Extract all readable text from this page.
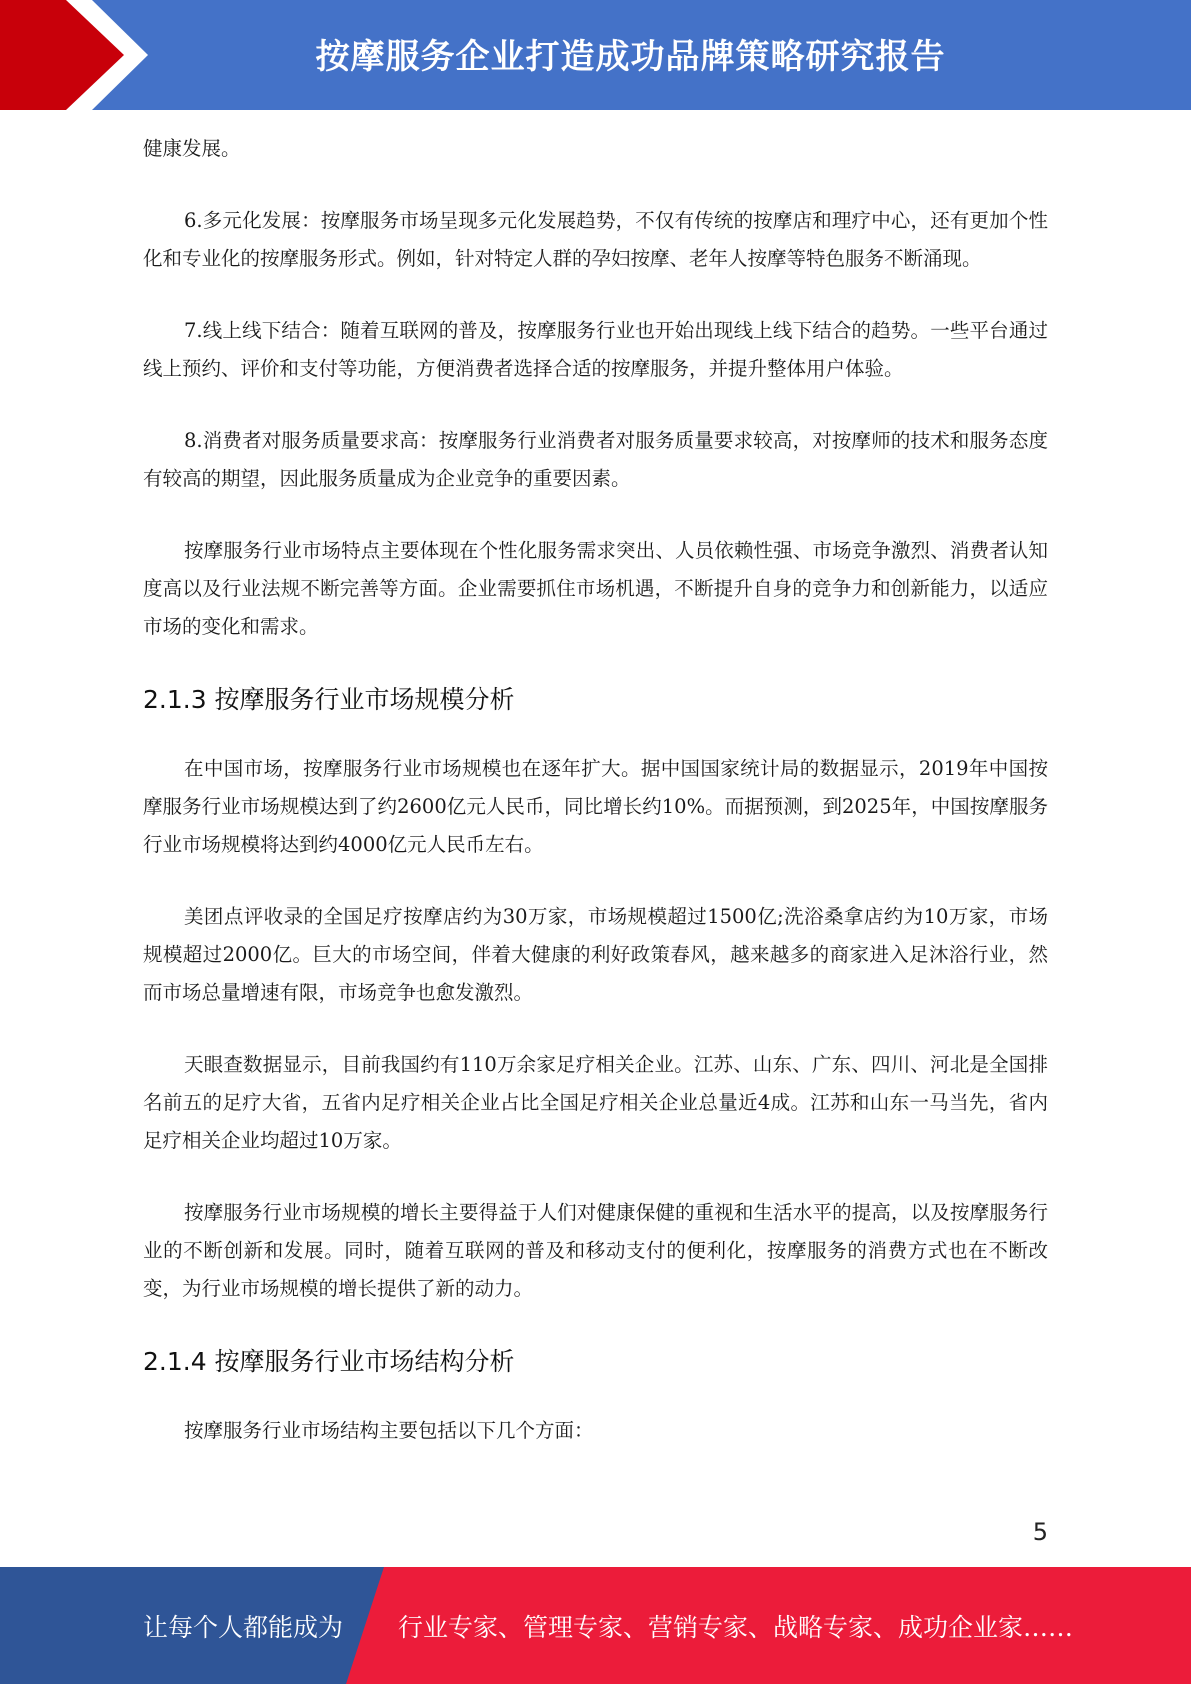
按摩服务企业打造成功品牌策略研究报告

健康发展。

6.多元化发展：按摩服务市场呈现多元化发展趋势，不仅有传统的按摩店和理疗中心，还有更加个性化和专业化的按摩服务形式。例如，针对特定人群的孕妇按摩、老年人按摩等特色服务不断涌现。

7.线上线下结合：随着互联网的普及，按摩服务行业也开始出现线上线下结合的趋势。一些平台通过线上预约、评价和支付等功能，方便消费者选择合适的按摩服务，并提升整体用户体验。

8.消费者对服务质量要求高：按摩服务行业消费者对服务质量要求较高，对按摩师的技术和服务态度有较高的期望，因此服务质量成为企业竞争的重要因素。

按摩服务行业市场特点主要体现在个性化服务需求突出、人员依赖性强、市场竞争激烈、消费者认知度高以及行业法规不断完善等方面。企业需要抓住市场机遇，不断提升自身的竞争力和创新能力，以适应市场的变化和需求。

2.1.3 按摩服务行业市场规模分析

在中国市场，按摩服务行业市场规模也在逐年扩大。据中国国家统计局的数据显示，2019年中国按摩服务行业市场规模达到了约2600亿元人民币，同比增长约10%。而据预测，到2025年，中国按摩服务行业市场规模将达到约4000亿元人民币左右。

美团点评收录的全国足疗按摩店约为30万家，市场规模超过1500亿;洗浴桑拿店约为10万家，市场规模超过2000亿。巨大的市场空间，伴着大健康的利好政策春风，越来越多的商家进入足沐浴行业，然而市场总量增速有限，市场竞争也愈发激烈。

天眼查数据显示，目前我国约有110万余家足疗相关企业。江苏、山东、广东、四川、河北是全国排名前五的足疗大省，五省内足疗相关企业占比全国足疗相关企业总量近4成。江苏和山东一马当先，省内足疗相关企业均超过10万家。

按摩服务行业市场规模的增长主要得益于人们对健康保健的重视和生活水平的提高，以及按摩服务行业的不断创新和发展。同时，随着互联网的普及和移动支付的便利化，按摩服务的消费方式也在不断改变，为行业市场规模的增长提供了新的动力。

2.1.4 按摩服务行业市场结构分析

按摩服务行业市场结构主要包括以下几个方面：

5
让每个人都能成为 行业专家、管理专家、营销专家、战略专家、成功企业家……
